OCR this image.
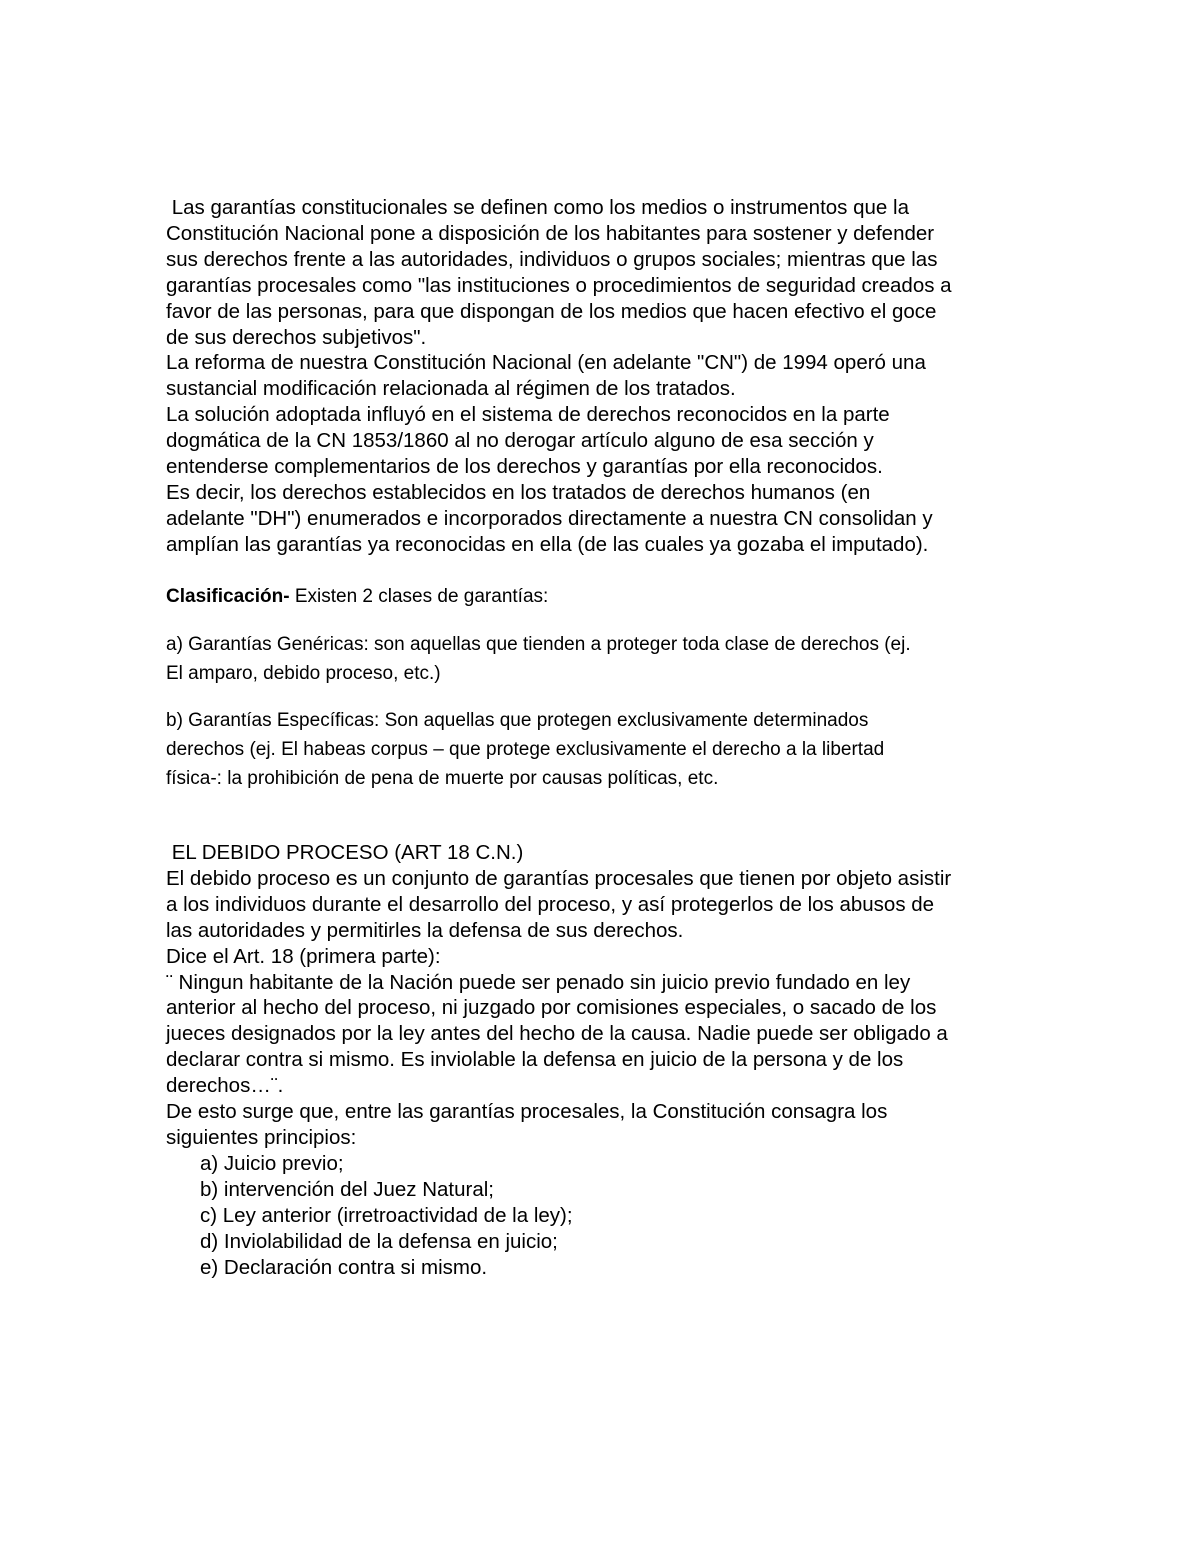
Las garantías constitucionales se definen como los medios o instrumentos que la
Constitución Nacional pone a disposición de los habitantes para sostener y defender
sus derechos frente a las autoridades, individuos o grupos sociales; mientras que las
garantías procesales como "las instituciones o procedimientos de seguridad creados a
favor de las personas, para que dispongan de los medios que hacen efectivo el goce
de sus derechos subjetivos".
La reforma de nuestra Constitución Nacional (en adelante "CN") de 1994 operó una
sustancial modificación relacionada al régimen de los tratados.
La solución adoptada influyó en el sistema de derechos reconocidos en la parte
dogmática de la CN 1853/1860 al no derogar artículo alguno de esa sección y
entenderse complementarios de los derechos y garantías por ella reconocidos.
Es decir, los derechos establecidos en los tratados de derechos humanos (en
adelante "DH") enumerados e incorporados directamente a nuestra CN consolidan y
amplían las garantías ya reconocidas en ella (de las cuales ya gozaba el imputado).
Clasificación- Existen 2 clases de garantías:
a) Garantías Genéricas: son aquellas que tienden a proteger toda clase de derechos (ej.
El amparo, debido proceso, etc.)
b) Garantías Específicas: Son aquellas que protegen exclusivamente determinados
derechos (ej. El habeas corpus – que protege exclusivamente el derecho a la libertad
física-: la prohibición de pena de muerte por causas políticas, etc.
EL DEBIDO PROCESO (ART 18 C.N.)
El debido proceso es un conjunto de garantías procesales que tienen por objeto asistir
a los individuos durante el desarrollo del proceso, y así protegerlos de los abusos de
las autoridades y permitirles la defensa de sus derechos.
Dice el Art. 18 (primera parte):
¨ Ningun habitante de la Nación puede ser penado sin juicio previo fundado en ley
anterior al hecho del proceso, ni juzgado por comisiones especiales, o sacado de los
jueces designados por la ley antes del hecho de la causa. Nadie puede ser obligado a
declarar contra si mismo. Es inviolable la defensa en juicio de la persona y de los
derechos…¨.
De esto surge que, entre las garantías procesales, la Constitución consagra los
siguientes principios:
a) Juicio previo;
b) intervención del Juez Natural;
c) Ley anterior (irretroactividad de la ley);
d) Inviolabilidad de la defensa en juicio;
e) Declaración contra si mismo.
